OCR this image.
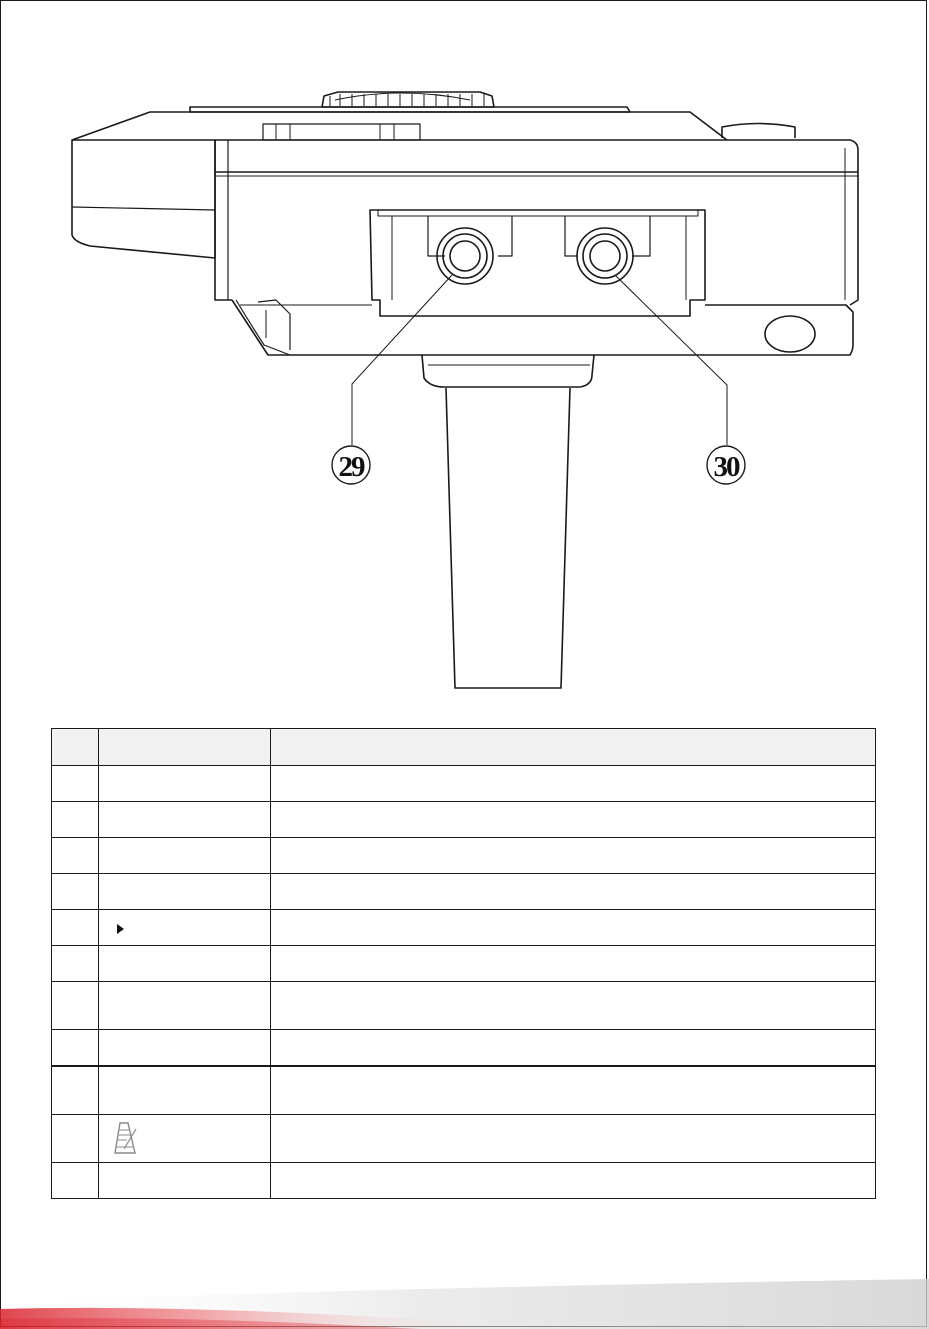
29	30
